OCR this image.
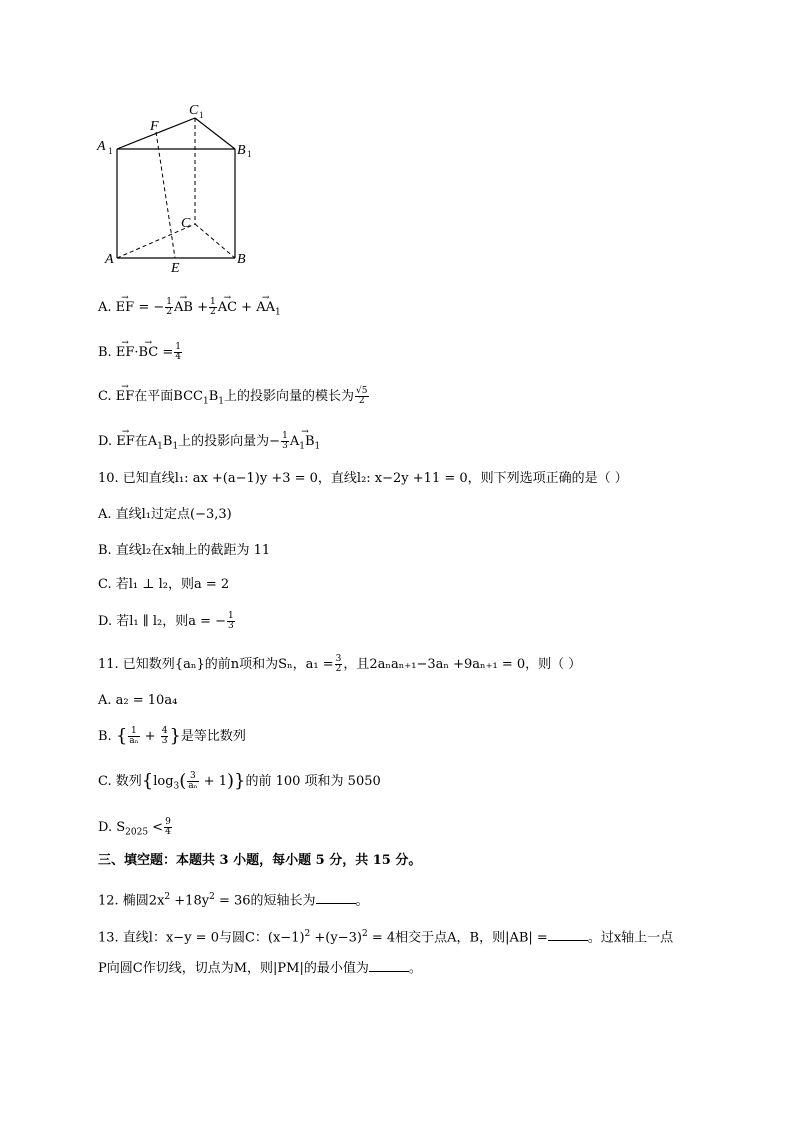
A 1
F
C 1
B 1
C
A
E
B
A. → EF = − $\frac{1}{2}$
→ AB + $\frac{1}{2}$
→ AC + → $AA_1$
B. → EF·→ BC = $\frac{1}{4}$
C. → EF在平面$BCC_1B_1$上的投影向量的模长为 $\frac{√5}{2}$
D. → EF在$A_1B_1$上的投影向量为− $\frac{1}{3}$
→ $A_1B_1$
10. 已知直线l₁: ax +(a−1)y +3 = 0，直线l₂: x−2y +11 = 0，则下列选项正确的是（ ）
A. 直线l₁过定点(−3,3)
B. 直线l₂在x轴上的截距为 11
C. 若l₁ ⊥ l₂，则a = 2
D. 若l₁ ∥ l₂，则a = − $\frac{1}{3}$
11. 已知数列{aₙ}的前n项和为Sₙ，$a_1 = \frac{3}{2}$ ，且2aₙaₙ₊₁−3aₙ +9aₙ₊₁ = 0，则（ ）
A. a₂ = 10a₄
B. { $\frac{1}{\text{aₙ}} + \frac{4}{3}$ }是等比数列
C. 数列$\{\log_3( \frac{3}{\text{aₙ}} + 1)\}$的前 100 项和为 5050
D. $S_{2025} < \frac{9}{4}$
三、填空题：本题共 3 小题，每小题 5 分，共 15 分。
12. 椭圆$2x^2 +18y^2 = 36$的短轴长为	。
13. 直线l：x−y = 0与圆C：$(x-1)^2 +(y-3)^2 = 4$相交于点A，B，则|AB| =	。过x轴上一点
P向圆C作切线，切点为M，则|PM|的最小值为	。
